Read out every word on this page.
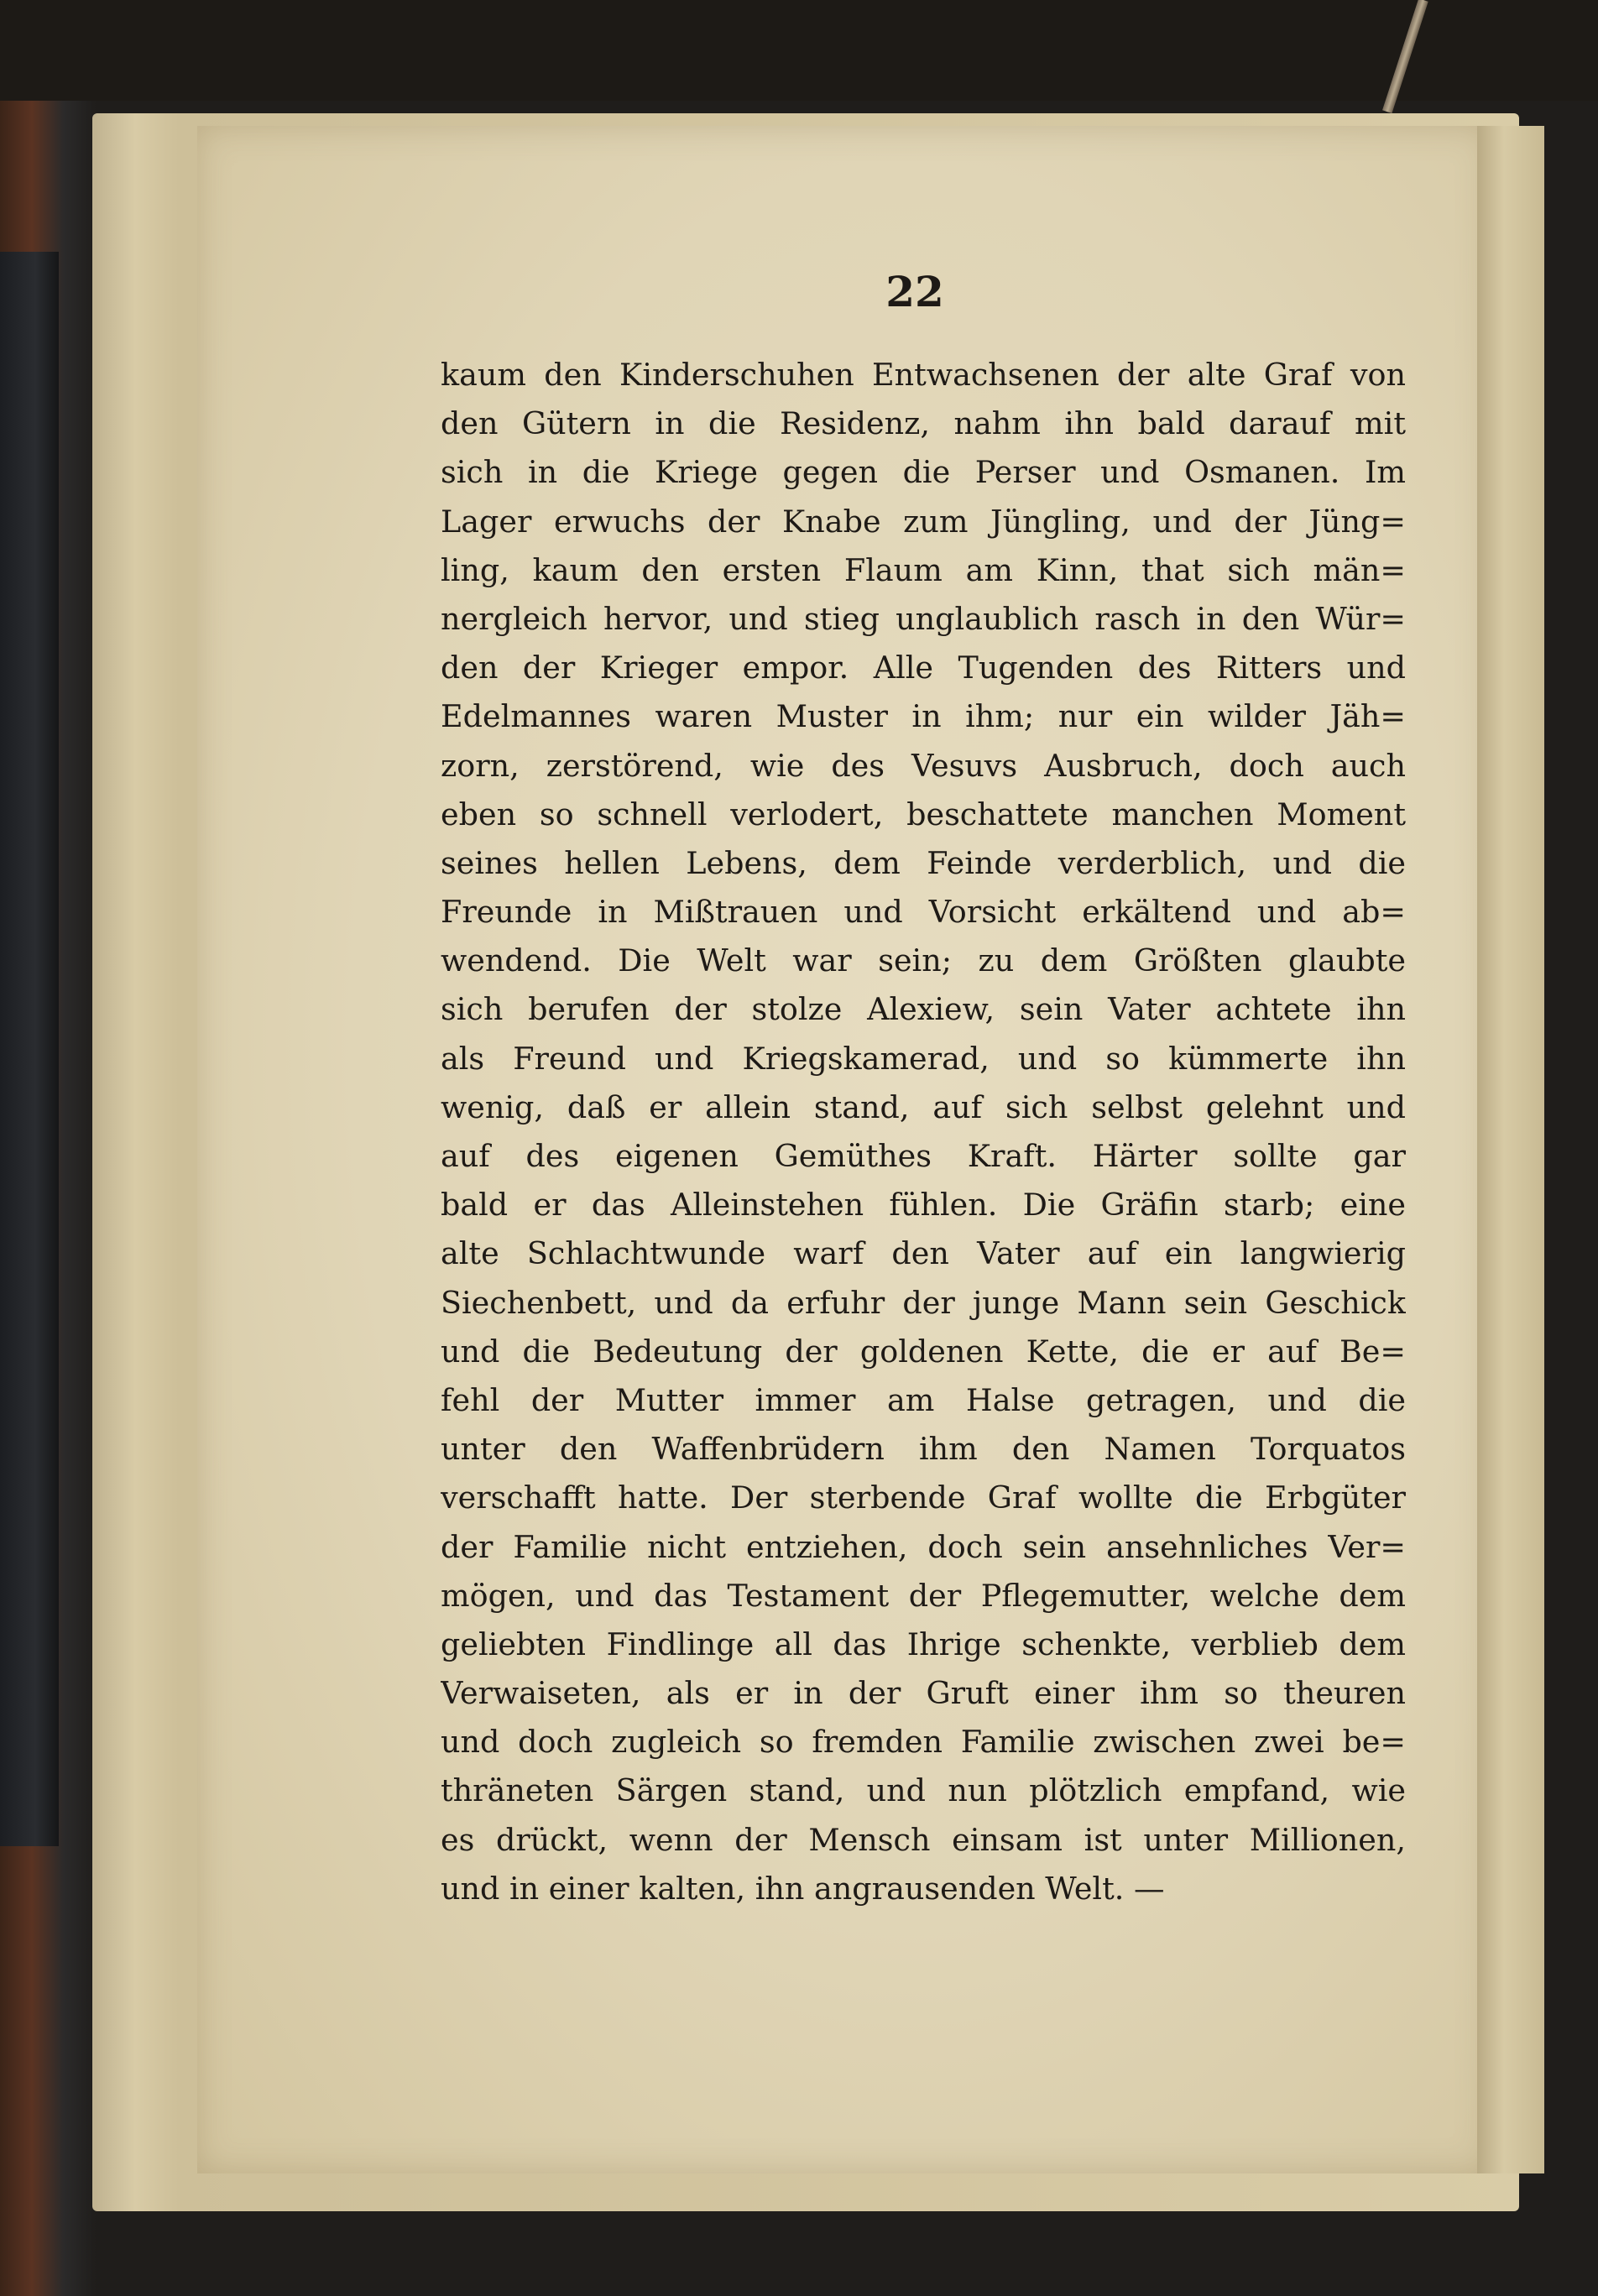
22
kaum den Kinderschuhen Entwachsenen der alte Graf von
den Gütern in die Residenz, nahm ihn bald darauf mit
sich in die Kriege gegen die Perser und Osmanen. Im
Lager erwuchs der Knabe zum Jüngling, und der Jüng=
ling, kaum den ersten Flaum am Kinn, that sich män=
nergleich hervor, und stieg unglaublich rasch in den Wür=
den der Krieger empor. Alle Tugenden des Ritters und
Edelmannes waren Muster in ihm; nur ein wilder Jäh=
zorn, zerstörend, wie des Vesuvs Ausbruch, doch auch
eben so schnell verlodert, beschattete manchen Moment
seines hellen Lebens, dem Feinde verderblich, und die
Freunde in Mißtrauen und Vorsicht erkältend und ab=
wendend. Die Welt war sein; zu dem Größten glaubte
sich berufen der stolze Alexiew, sein Vater achtete ihn
als Freund und Kriegskamerad, und so kümmerte ihn
wenig, daß er allein stand, auf sich selbst gelehnt und
auf des eigenen Gemüthes Kraft. Härter sollte gar
bald er das Alleinstehen fühlen. Die Gräfin starb; eine
alte Schlachtwunde warf den Vater auf ein langwierig
Siechenbett, und da erfuhr der junge Mann sein Geschick
und die Bedeutung der goldenen Kette, die er auf Be=
fehl der Mutter immer am Halse getragen, und die
unter den Waffenbrüdern ihm den Namen Torquatos
verschafft hatte. Der sterbende Graf wollte die Erbgüter
der Familie nicht entziehen, doch sein ansehnliches Ver=
mögen, und das Testament der Pflegemutter, welche dem
geliebten Findlinge all das Ihrige schenkte, verblieb dem
Verwaiseten, als er in der Gruft einer ihm so theuren
und doch zugleich so fremden Familie zwischen zwei be=
thräneten Särgen stand, und nun plötzlich empfand, wie
es drückt, wenn der Mensch einsam ist unter Millionen,
und in einer kalten, ihn angrausenden Welt. —
